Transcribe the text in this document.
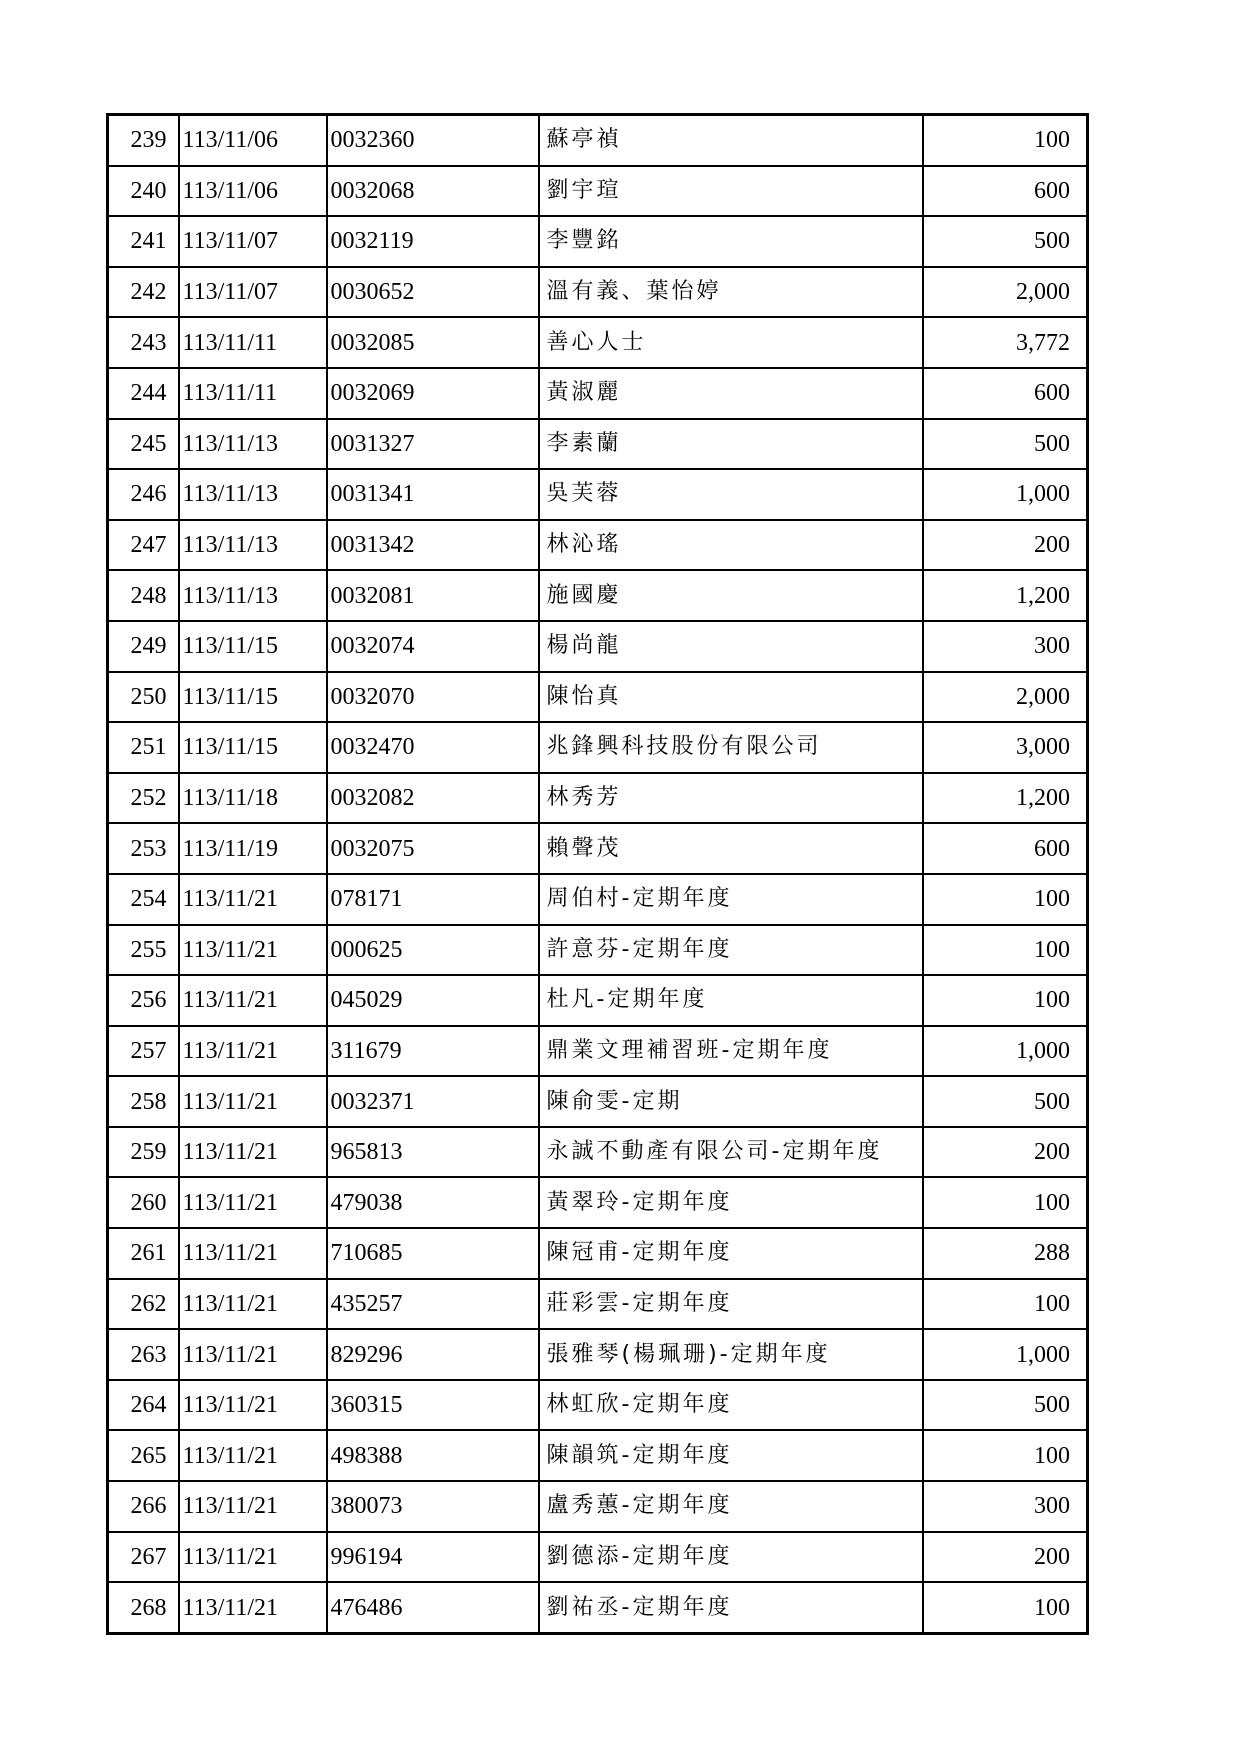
239	113/11/06	0032360	蘇亭禎	100
240	113/11/06	0032068	劉宇瑄	600
241	113/11/07	0032119	李豐銘	500
242	113/11/07	0030652	溫有義、葉怡婷	2,000
243	113/11/11	0032085	善心人士	3,772
244	113/11/11	0032069	黃淑麗	600
245	113/11/13	0031327	李素蘭	500
246	113/11/13	0031341	吳芙蓉	1,000
247	113/11/13	0031342	林沁瑤	200
248	113/11/13	0032081	施國慶	1,200
249	113/11/15	0032074	楊尚龍	300
250	113/11/15	0032070	陳怡真	2,000
251	113/11/15	0032470	兆鋒興科技股份有限公司	3,000
252	113/11/18	0032082	林秀芳	1,200
253	113/11/19	0032075	賴聲茂	600
254	113/11/21	078171	周伯村-定期年度	100
255	113/11/21	000625	許意芬-定期年度	100
256	113/11/21	045029	杜凡-定期年度	100
257	113/11/21	311679	鼎業文理補習班-定期年度	1,000
258	113/11/21	0032371	陳俞雯-定期	500
259	113/11/21	965813	永誠不動產有限公司-定期年度	200
260	113/11/21	479038	黃翠玲-定期年度	100
261	113/11/21	710685	陳冠甫-定期年度	288
262	113/11/21	435257	莊彩雲-定期年度	100
263	113/11/21	829296	張雅琴(楊珮珊)-定期年度	1,000
264	113/11/21	360315	林虹欣-定期年度	500
265	113/11/21	498388	陳韻筑-定期年度	100
266	113/11/21	380073	盧秀蕙-定期年度	300
267	113/11/21	996194	劉德添-定期年度	200
268	113/11/21	476486	劉祐丞-定期年度	100
